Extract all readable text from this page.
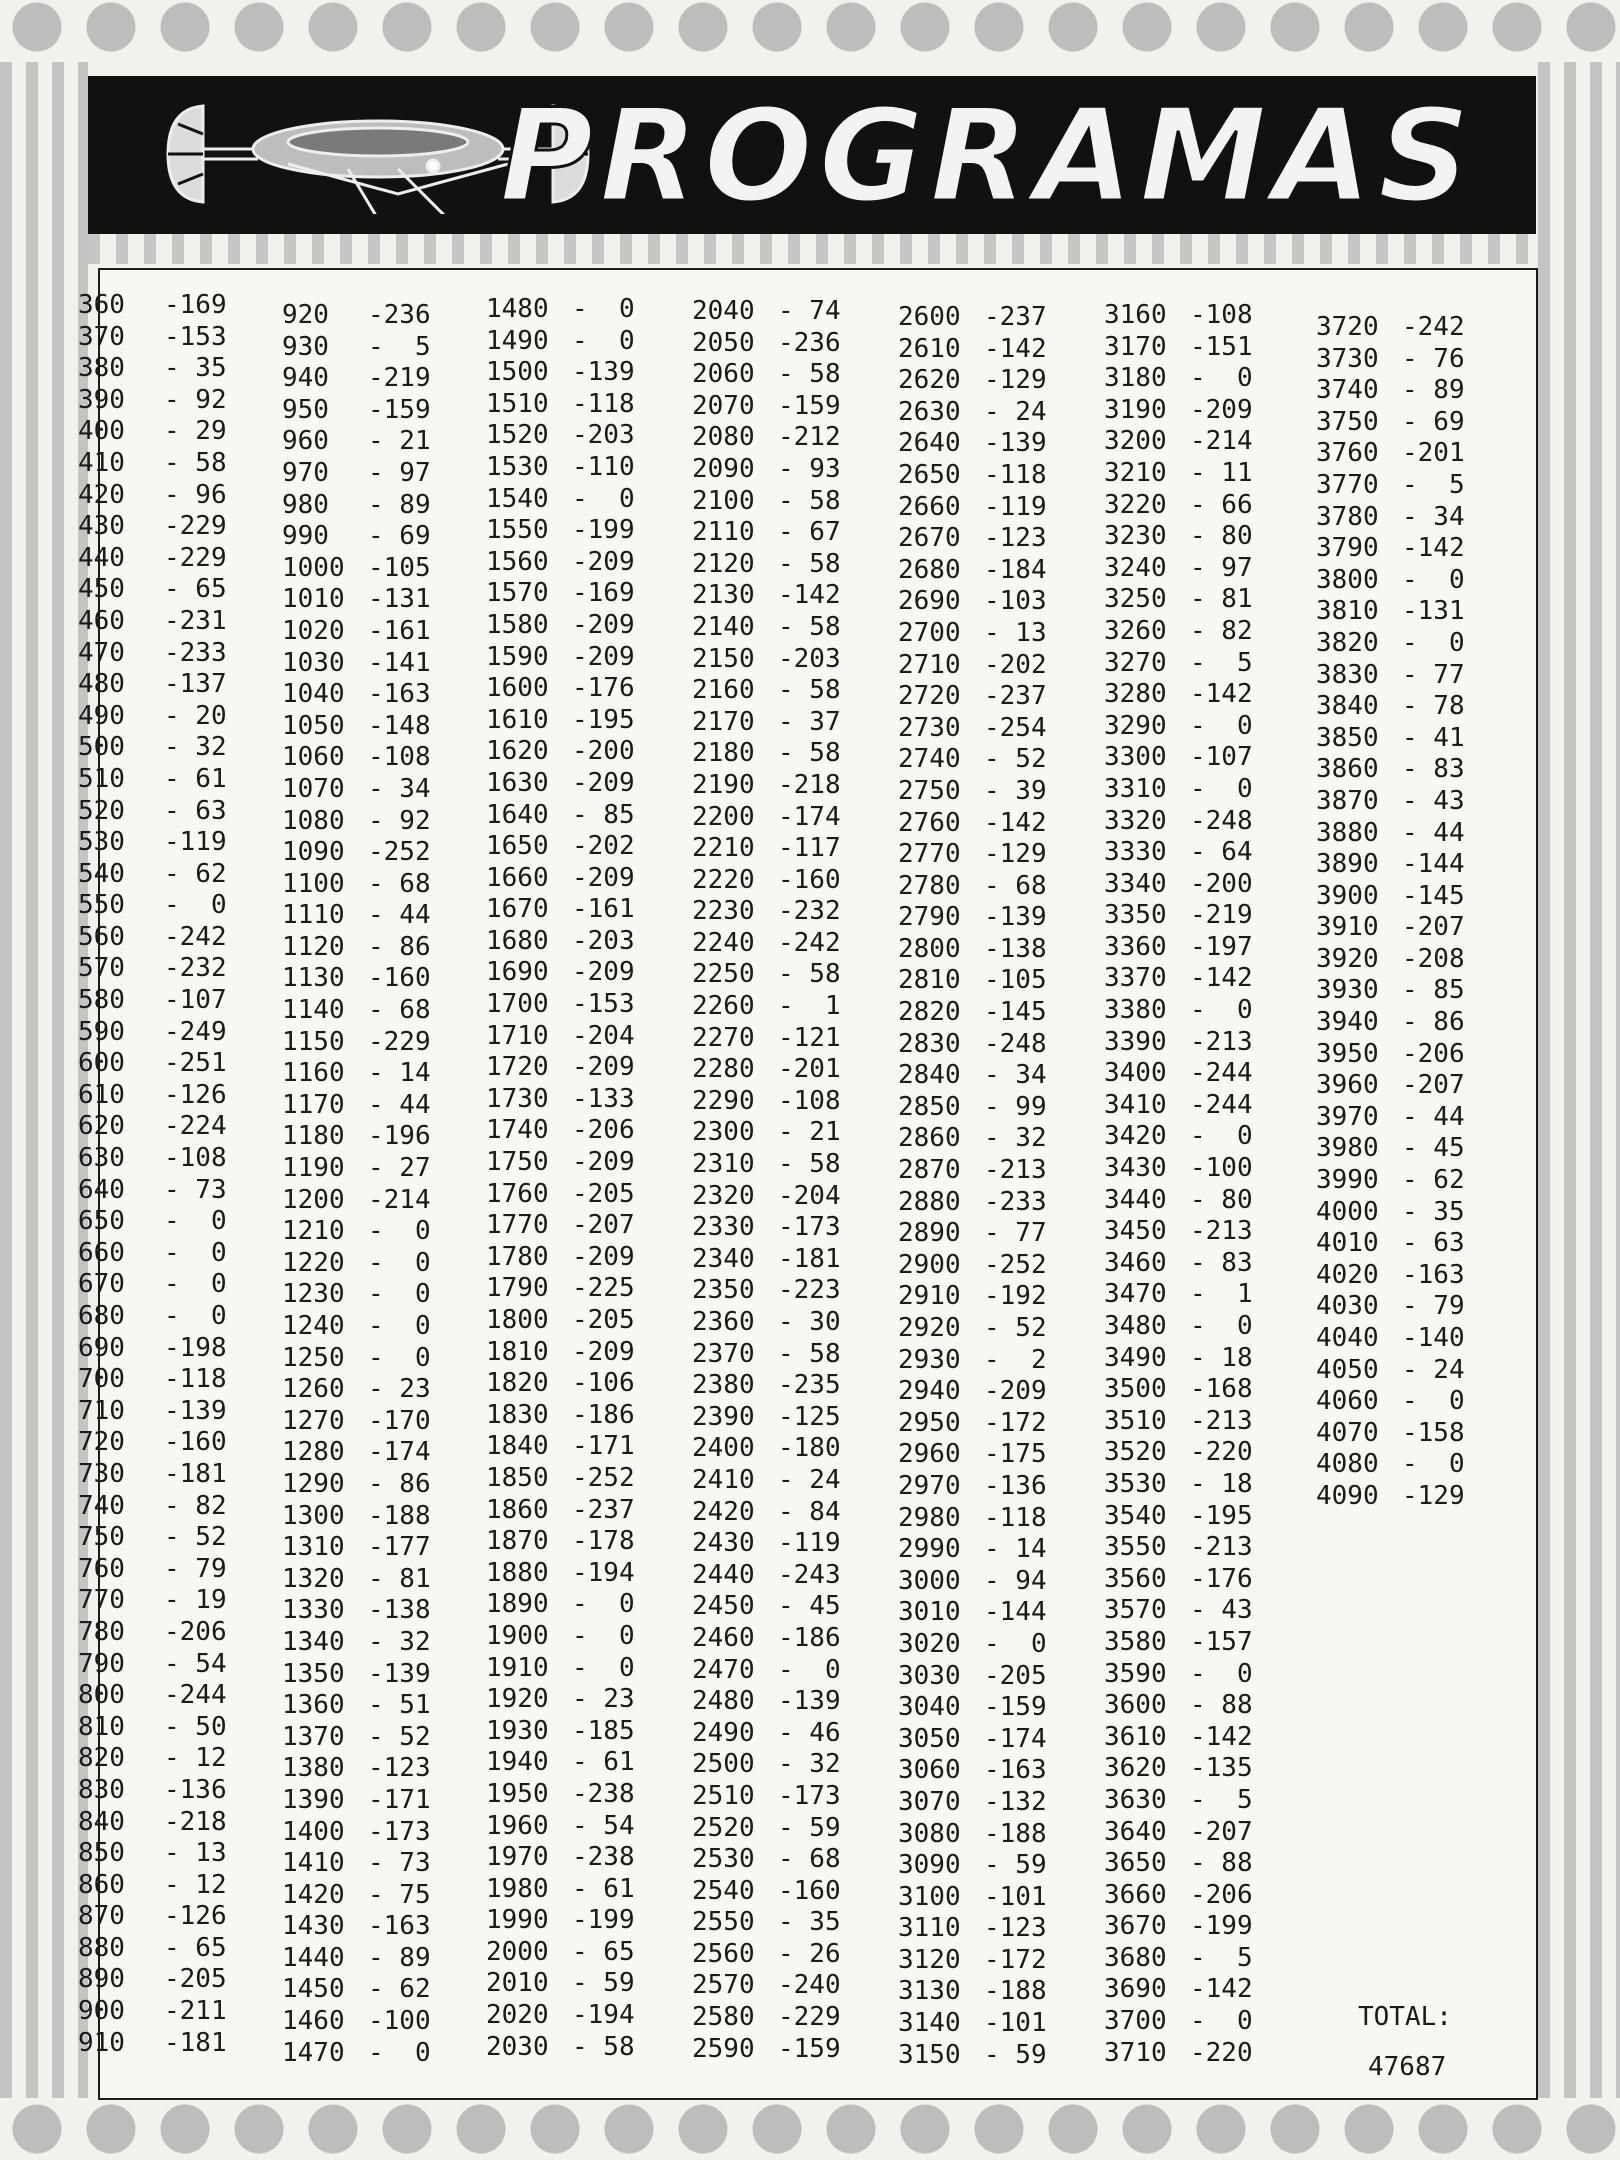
PROGRAMAS
360	-169
370	-153
380	- 35
390	- 92
400	- 29
410	- 58
420	- 96
430	-229
440	-229
450	- 65
460	-231
470	-233
480	-137
490	- 20
500	- 32
510	- 61
520	- 63
530	-119
540	- 62
550	-  0
560	-242
570	-232
580	-107
590	-249
600	-251
610	-126
620	-224
630	-108
640	- 73
650	-  0
660	-  0
670	-  0
680	-  0
690	-198
700	-118
710	-139
720	-160
730	-181
740	- 82
750	- 52
760	- 79
770	- 19
780	-206
790	- 54
800	-244
810	- 50
820	- 12
830	-136
840	-218
850	- 13
860	- 12
870	-126
880	- 65
890	-205
900	-211
910	-181
920	-236
930	-  5
940	-219
950	-159
960	- 21
970	- 97
980	- 89
990	- 69
1000 -105
1010 -131
1020 -161
1030 -141
1040 -163
1050 -148
1060 -108
1070 - 34
1080 - 92
1090 -252
1100 - 68
1110 - 44
1120 - 86
1130 -160
1140 - 68
1150 -229
1160 - 14
1170 - 44
1180 -196
1190 - 27
1200 -214
1210 -  0
1220 -  0
1230 -  0
1240 -  0
1250 -  0
1260 - 23
1270 -170
1280 -174
1290 - 86
1300 -188
1310 -177
1320 - 81
1330 -138
1340 - 32
1350 -139
1360 - 51
1370 - 52
1380 -123
1390 -171
1400 -173
1410 - 73
1420 - 75
1430 -163
1440 - 89
1450 - 62
1460 -100
1470 -  0
1480 -  0
1490 -  0
1500 -139
1510 -118
1520 -203
1530 -110
1540 -  0
1550 -199
1560 -209
1570 -169
1580 -209
1590 -209
1600 -176
1610 -195
1620 -200
1630 -209
1640 - 85
1650 -202
1660 -209
1670 -161
1680 -203
1690 -209
1700 -153
1710 -204
1720 -209
1730 -133
1740 -206
1750 -209
1760 -205
1770 -207
1780 -209
1790 -225
1800 -205
1810 -209
1820 -106
1830 -186
1840 -171
1850 -252
1860 -237
1870 -178
1880 -194
1890 -  0
1900 -  0
1910 -  0
1920 - 23
1930 -185
1940 - 61
1950 -238
1960 - 54
1970 -238
1980 - 61
1990 -199
2000 - 65
2010 - 59
2020 -194
2030 - 58
2040 - 74
2050 -236
2060 - 58
2070 -159
2080 -212
2090 - 93
2100 - 58
2110 - 67
2120 - 58
2130 -142
2140 - 58
2150 -203
2160 - 58
2170 - 37
2180 - 58
2190 -218
2200 -174
2210 -117
2220 -160
2230 -232
2240 -242
2250 - 58
2260 -  1
2270 -121
2280 -201
2290 -108
2300 - 21
2310 - 58
2320 -204
2330 -173
2340 -181
2350 -223
2360 - 30
2370 - 58
2380 -235
2390 -125
2400 -180
2410 - 24
2420 - 84
2430 -119
2440 -243
2450 - 45
2460 -186
2470 -  0
2480 -139
2490 - 46
2500 - 32
2510 -173
2520 - 59
2530 - 68
2540 -160
2550 - 35
2560 - 26
2570 -240
2580 -229
2590 -159
2600 -237
2610 -142
2620 -129
2630 - 24
2640 -139
2650 -118
2660 -119
2670 -123
2680 -184
2690 -103
2700 - 13
2710 -202
2720 -237
2730 -254
2740 - 52
2750 - 39
2760 -142
2770 -129
2780 - 68
2790 -139
2800 -138
2810 -105
2820 -145
2830 -248
2840 - 34
2850 - 99
2860 - 32
2870 -213
2880 -233
2890 - 77
2900 -252
2910 -192
2920 - 52
2930 -  2
2940 -209
2950 -172
2960 -175
2970 -136
2980 -118
2990 - 14
3000 - 94
3010 -144
3020 -  0
3030 -205
3040 -159
3050 -174
3060 -163
3070 -132
3080 -188
3090 - 59
3100 -101
3110 -123
3120 -172
3130 -188
3140 -101
3150 - 59
3160 -108
3170 -151
3180 -  0
3190 -209
3200 -214
3210 - 11
3220 - 66
3230 - 80
3240 - 97
3250 - 81
3260 - 82
3270 -  5
3280 -142
3290 -  0
3300 -107
3310 -  0
3320 -248
3330 - 64
3340 -200
3350 -219
3360 -197
3370 -142
3380 -  0
3390 -213
3400 -244
3410 -244
3420 -  0
3430 -100
3440 - 80
3450 -213
3460 - 83
3470 -  1
3480 -  0
3490 - 18
3500 -168
3510 -213
3520 -220
3530 - 18
3540 -195
3550 -213
3560 -176
3570 - 43
3580 -157
3590 -  0
3600 - 88
3610 -142
3620 -135
3630 -  5
3640 -207
3650 - 88
3660 -206
3670 -199
3680 -  5
3690 -142
3700 -  0
3710 -220
3720 -242
3730 - 76
3740 - 89
3750 - 69
3760 -201
3770 -  5
3780 - 34
3790 -142
3800 -  0
3810 -131
3820 -  0
3830 - 77
3840 - 78
3850 - 41
3860 - 83
3870 - 43
3880 - 44
3890 -144
3900 -145
3910 -207
3920 -208
3930 - 85
3940 - 86
3950 -206
3960 -207
3970 - 44
3980 - 45
3990 - 62
4000 - 35
4010 - 63
4020 -163
4030 - 79
4040 -140
4050 - 24
4060 -  0
4070 -158
4080 -  0
4090 -129
TOTAL:
47687
